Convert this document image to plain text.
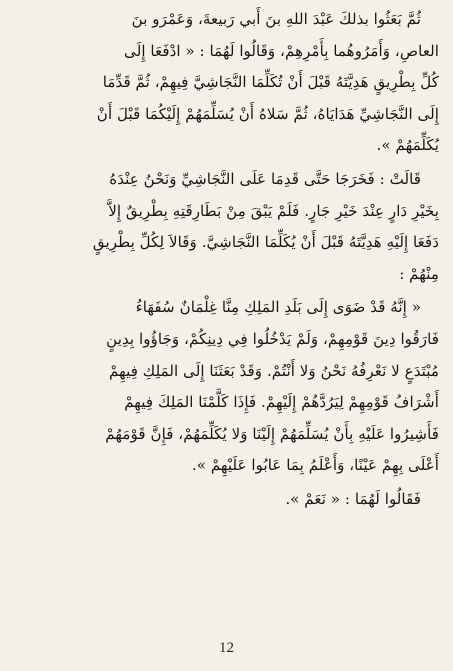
ثُمَّ بَعَثُوا بذلكَ عَبْدَ اللهِ بنَ أَبي رَبيعةَ، وَعَمْرَو بنَ
العاصِ، وَأَمَرُوهُما بِأَمْرِهِمْ، وَقَالُوا لَهُمَا : « ادْفَعَا إِلَى
كُلِّ بِطْرِيقٍ هَدِيَّتَهُ قَبْلَ أَنْ تُكَلِّمَا النَّجَاشِيَّ فِيهِمْ، ثُمَّ قَدِّمَا
إِلَى النَّجَاشِيِّ هَدَايَاهُ، ثُمَّ سَلاهُ أَنْ يُسَلِّمَهُمْ إِلَيْكُمَا قَبْلَ أَنْ
يُكَلِّمَهُمْ ».

قَالَتْ : فَخَرَجَا حَتَّى قَدِمَا عَلَى النَّجَاشِيِّ وَنَحْنُ عِنْدَهُ
بِخَيْرِ دَارٍ عِنْدَ خَيْرِ جَارٍ. فَلَمْ يَبْقَ مِنْ بَطَارِقَتِهِ بِطْرِيقٌ إِلاَّ
دَفَعَا إِلَيْهِ هَدِيَّتَهُ قَبْلَ أَنْ يُكَلِّمَا النَّجَاشِيَّ. وَقَالاَ لِكُلِّ بِطْرِيقٍ
مِنْهُمْ :

« إِنَّهُ قَدْ ضَوَى إِلَى بَلَدِ المَلِكِ مِنَّا غِلْمَانٌ سُفَهَاءُ
فَارَقُوا دِينَ قَوْمِهِمْ، وَلَمْ يَدْخُلُوا فِي دِينِكُمْ، وَجَاؤُوا بِدِينٍ
مُبْتَدَعٍ لا نَعْرِفُهُ نَحْنُ وَلا أَنْتُمْ. وَقَدْ بَعَثَنَا إِلَى المَلِكِ فِيهِمْ
أَشْرَافُ قَوْمِهِمْ لِيَرُدَّهُمْ إِلَيْهِمْ. فَإِذَا كَلَّمْنَا المَلِكَ فِيهِمْ
فَأَشِيرُوا عَلَيْهِ بِأَنْ يُسَلِّمَهُمْ إِلَيْنَا وَلا يُكَلِّمَهُمْ، فَإِنَّ قَوْمَهُمْ
أَعْلَى بِهِمْ عَيْنًا، وَأَعْلَمُ بِمَا عَابُوا عَلَيْهِمْ ».

فَقَالُوا لَهُمَا : « نَعَمْ ».

12
